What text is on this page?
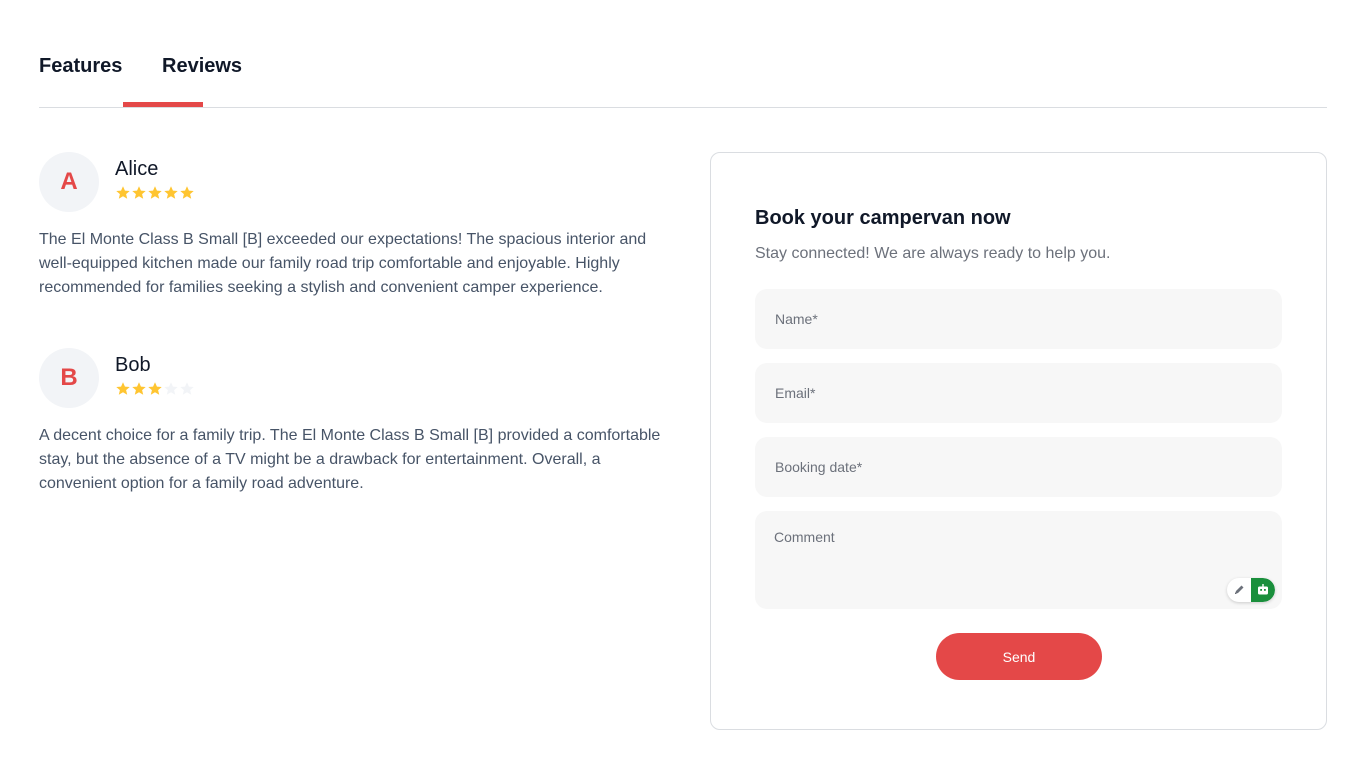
Features Reviews
A	Alice
The El Monte Class B Small [B] exceeded our expectations! The spacious interior and well-equipped kitchen made our family road trip comfortable and enjoyable. Highly recommended for families seeking a stylish and convenient camper experience.
B	Bob
A decent choice for a family trip. The El Monte Class B Small [B] provided a comfortable stay, but the absence of a TV might be a drawback for entertainment. Overall, a convenient option for a family road adventure.
Book your campervan now
Stay connected! We are always ready to help you.
Name*
Email*
Booking date*
Comment
Send
